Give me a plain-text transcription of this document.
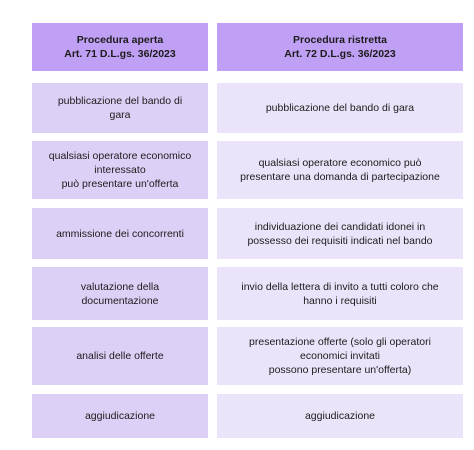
Procedura aperta
Art. 71 D.L.gs. 36/2023
Procedura ristretta
Art. 72 D.L.gs. 36/2023
pubblicazione del bando di
gara
pubblicazione del bando di gara
qualsiasi operatore economico
interessato
può presentare un'offerta
qualsiasi operatore economico può
presentare una domanda di partecipazione
ammissione dei concorrenti
individuazione dei candidati idonei in
possesso dei requisiti indicati nel bando
valutazione della
documentazione
invio della lettera di invito a tutti coloro che
hanno i requisiti
analisi delle offerte
presentazione offerte (solo gli operatori
economici invitati
possono presentare un'offerta)
aggiudicazione	aggiudicazione
